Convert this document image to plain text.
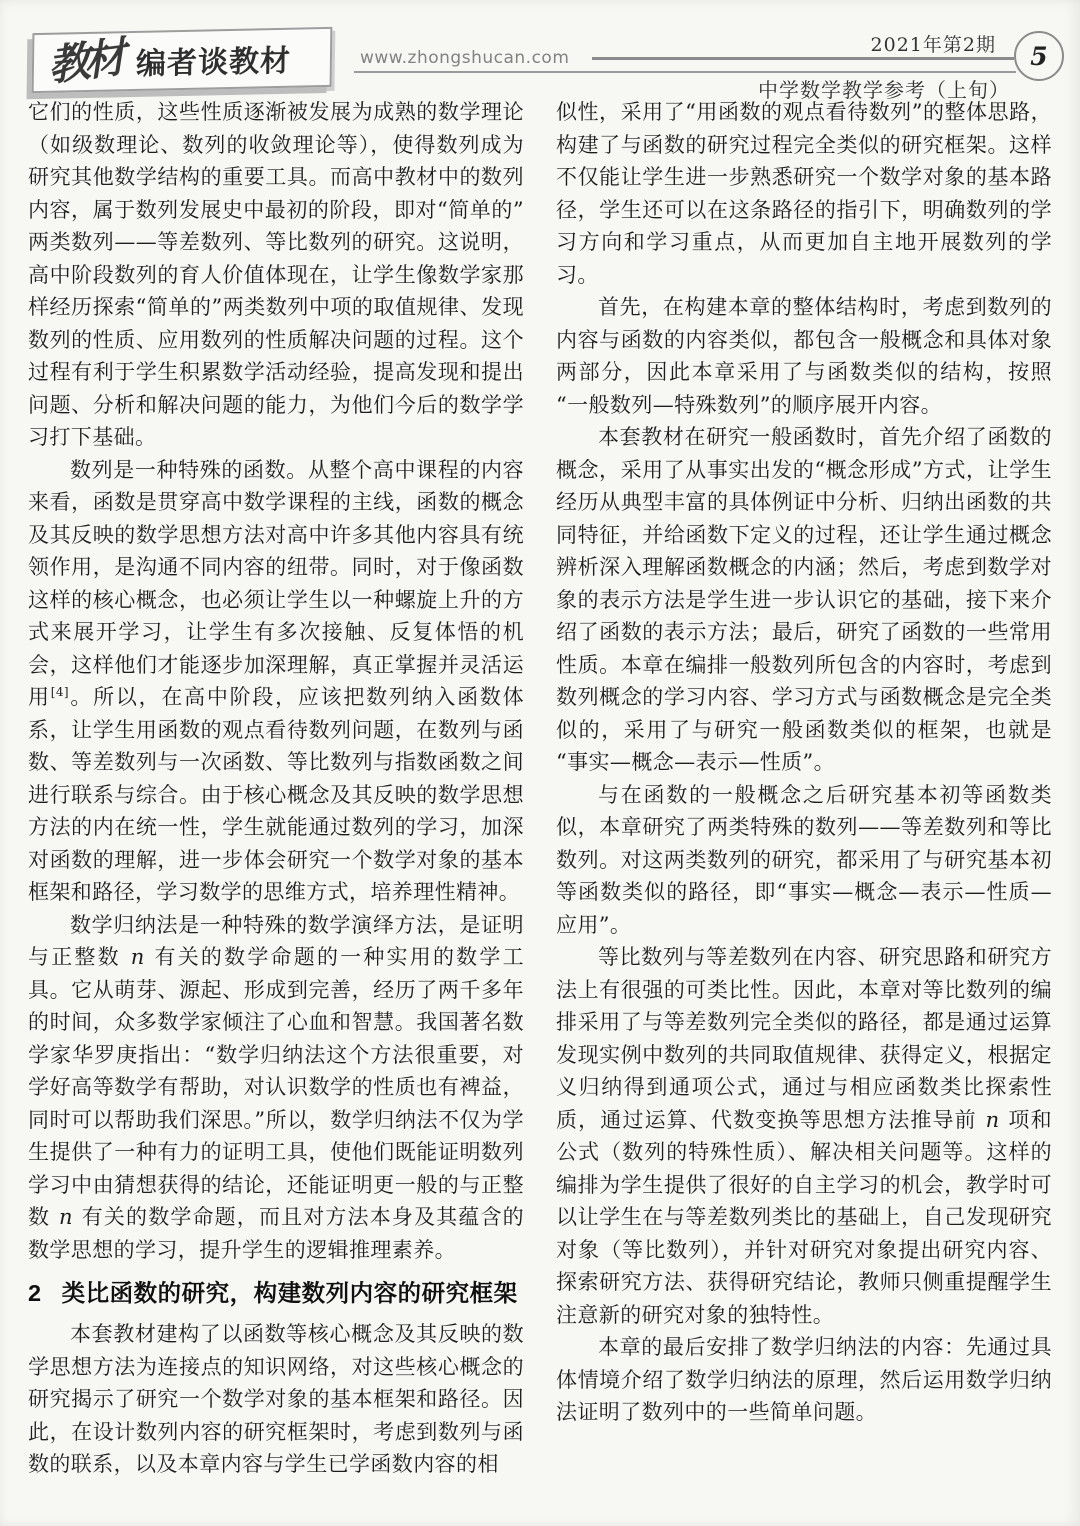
教材 编者谈教材	www.zhongshucan.com
2021年第2期
中学数学教学参考（上旬）
5

它们的性质，这些性质逐渐被发展为成熟的数学理论（如级数理论、数列的收敛理论等），使得数列成为研究其他数学结构的重要工具。而高中教材中的数列内容，属于数列发展史中最初的阶段，即对“简单的”两类数列——等差数列、等比数列的研究。这说明，高中阶段数列的育人价值体现在，让学生像数学家那样经历探索“简单的”两类数列中项的取值规律、发现数列的性质、应用数列的性质解决问题的过程。这个过程有利于学生积累数学活动经验，提高发现和提出问题、分析和解决问题的能力，为他们今后的数学学习打下基础。

数列是一种特殊的函数。从整个高中课程的内容来看，函数是贯穿高中数学课程的主线，函数的概念及其反映的数学思想方法对高中许多其他内容具有统领作用，是沟通不同内容的纽带。同时，对于像函数这样的核心概念，也必须让学生以一种螺旋上升的方式来展开学习，让学生有多次接触、反复体悟的机会，这样他们才能逐步加深理解，真正掌握并灵活运用[4]。所以，在高中阶段，应该把数列纳入函数体系，让学生用函数的观点看待数列问题，在数列与函数、等差数列与一次函数、等比数列与指数函数之间进行联系与综合。由于核心概念及其反映的数学思想方法的内在统一性，学生就能通过数列的学习，加深对函数的理解，进一步体会研究一个数学对象的基本框架和路径，学习数学的思维方式，培养理性精神。

数学归纳法是一种特殊的数学演绎方法，是证明与正整数 n 有关的数学命题的一种实用的数学工具。它从萌芽、源起、形成到完善，经历了两千多年的时间，众多数学家倾注了心血和智慧。我国著名数学家华罗庚指出：“数学归纳法这个方法很重要，对学好高等数学有帮助，对认识数学的性质也有裨益，同时可以帮助我们深思。”所以，数学归纳法不仅为学生提供了一种有力的证明工具，使他们既能证明数列学习中由猜想获得的结论，还能证明更一般的与正整数 n 有关的数学命题，而且对方法本身及其蕴含的数学思想的学习，提升学生的逻辑推理素养。

2 类比函数的研究，构建数列内容的研究框架

本套教材建构了以函数等核心概念及其反映的数学思想方法为连接点的知识网络，对这些核心概念的研究揭示了研究一个数学对象的基本框架和路径。因此，在设计数列内容的研究框架时，考虑到数列与函数的联系，以及本章内容与学生已学函数内容的相

似性，采用了“用函数的观点看待数列”的整体思路，构建了与函数的研究过程完全类似的研究框架。这样不仅能让学生进一步熟悉研究一个数学对象的基本路径，学生还可以在这条路径的指引下，明确数列的学习方向和学习重点，从而更加自主地开展数列的学习。

首先，在构建本章的整体结构时，考虑到数列的内容与函数的内容类似，都包含一般概念和具体对象两部分，因此本章采用了与函数类似的结构，按照“一般数列—特殊数列”的顺序展开内容。

本套教材在研究一般函数时，首先介绍了函数的概念，采用了从事实出发的“概念形成”方式，让学生经历从典型丰富的具体例证中分析、归纳出函数的共同特征，并给函数下定义的过程，还让学生通过概念辨析深入理解函数概念的内涵；然后，考虑到数学对象的表示方法是学生进一步认识它的基础，接下来介绍了函数的表示方法；最后，研究了函数的一些常用性质。本章在编排一般数列所包含的内容时，考虑到数列概念的学习内容、学习方式与函数概念是完全类似的，采用了与研究一般函数类似的框架，也就是“事实—概念—表示—性质”。

与在函数的一般概念之后研究基本初等函数类似，本章研究了两类特殊的数列——等差数列和等比数列。对这两类数列的研究，都采用了与研究基本初等函数类似的路径，即“事实—概念—表示—性质—应用”。

等比数列与等差数列在内容、研究思路和研究方法上有很强的可类比性。因此，本章对等比数列的编排采用了与等差数列完全类似的路径，都是通过运算发现实例中数列的共同取值规律、获得定义，根据定义归纳得到通项公式，通过与相应函数类比探索性质，通过运算、代数变换等思想方法推导前 n 项和公式（数列的特殊性质）、解决相关问题等。这样的编排为学生提供了很好的自主学习的机会，教学时可以让学生在与等差数列类比的基础上，自己发现研究对象（等比数列），并针对研究对象提出研究内容、探索研究方法、获得研究结论，教师只侧重提醒学生注意新的研究对象的独特性。

本章的最后安排了数学归纳法的内容：先通过具体情境介绍了数学归纳法的原理，然后运用数学归纳法证明了数列中的一些简单问题。
